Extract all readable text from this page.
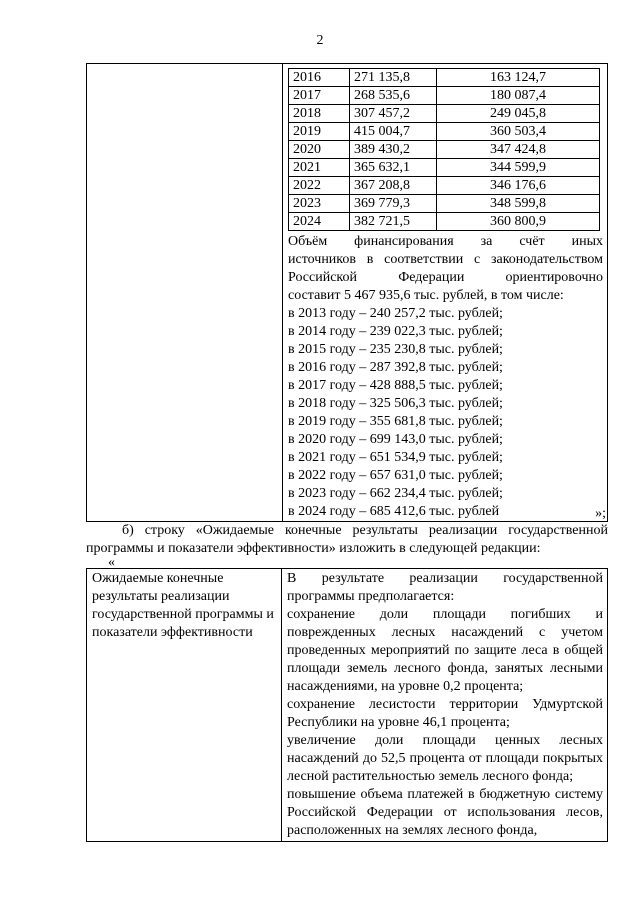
2

2016	271 135,8	163 124,7
2017	268 535,6	180 087,4
2018	307 457,2	249 045,8
2019	415 004,7	360 503,4
2020	389 430,2	347 424,8
2021	365 632,1	344 599,9
2022	367 208,8	346 176,6
2023	369 779,3	348 599,8
2024	382 721,5	360 800,9
Объём финансирования за счёт иных
источников в соответствии с законодательством
Российской Федерации ориентировочно
составит 5 467 935,6 тыс. рублей, в том числе:
в 2013 году – 240 257,2 тыс. рублей;
в 2014 году – 239 022,3 тыс. рублей;
в 2015 году – 235 230,8 тыс. рублей;
в 2016 году – 287 392,8 тыс. рублей;
в 2017 году – 428 888,5 тыс. рублей;
в 2018 году – 325 506,3 тыс. рублей;
в 2019 году – 355 681,8 тыс. рублей;
в 2020 году – 699 143,0 тыс. рублей;
в 2021 году – 651 534,9 тыс. рублей;
в 2022 году – 657 631,0 тыс. рублей;
в 2023 году – 662 234,4 тыс. рублей;
в 2024 году – 685 412,6 тыс. рублей	»;
б) строку «Ожидаемые конечные результаты реализации государственной программы и показатели эффективности» изложить в следующей редакции:
«
Ожидаемые конечные результаты реализации государственной программы и показатели эффективности	
В результате реализации государственной программы предполагается:
сохранение доли площади погибших и поврежденных лесных насаждений с учетом проведенных мероприятий по защите леса в общей площади земель лесного фонда, занятых лесными насаждениями, на уровне 0,2 процента;
сохранение лесистости территории Удмуртской Республики на уровне 46,1 процента;
увеличение доли площади ценных лесных насаждений до 52,5 процента от площади покрытых лесной растительностью земель лесного фонда;
повышение объема платежей в бюджетную систему Российской Федерации от использования лесов, расположенных на землях лесного фонда,
